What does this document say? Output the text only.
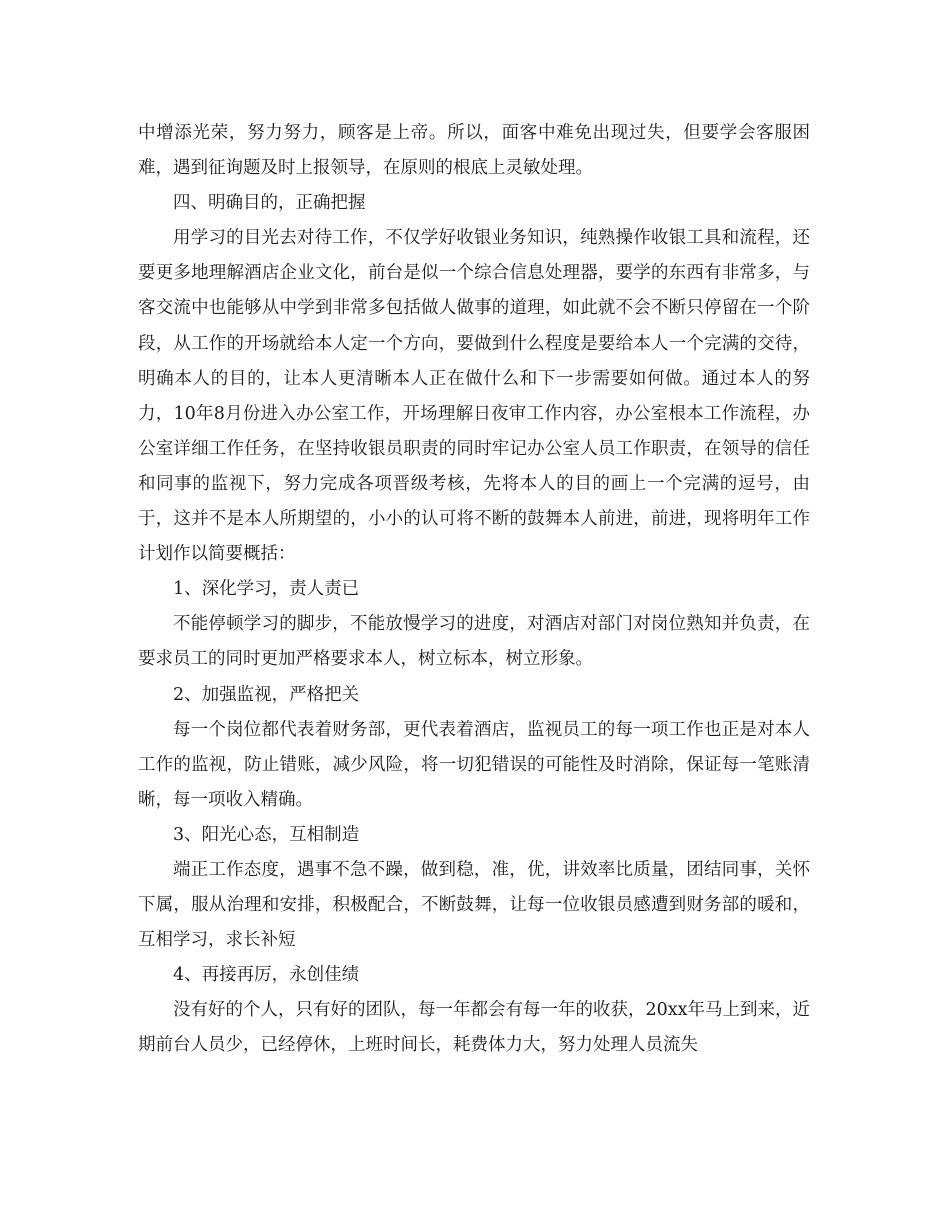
中增添光荣，努力努力，顾客是上帝。所以，面客中难免出现过失，但要学会客服困难，遇到征询题及时上报领导，在原则的根底上灵敏处理。

四、明确目的，正确把握

用学习的目光去对待工作，不仅学好收银业务知识，纯熟操作收银工具和流程，还要更多地理解酒店企业文化，前台是似一个综合信息处理器，要学的东西有非常多，与客交流中也能够从中学到非常多包括做人做事的道理，如此就不会不断只停留在一个阶段，从工作的开场就给本人定一个方向，要做到什么程度是要给本人一个完满的交待，明确本人的目的，让本人更清晰本人正在做什么和下一步需要如何做。通过本人的努力，10年8月份进入办公室工作，开场理解日夜审工作内容，办公室根本工作流程，办公室详细工作任务，在坚持收银员职责的同时牢记办公室人员工作职责，在领导的信任和同事的监视下，努力完成各项晋级考核，先将本人的目的画上一个完满的逗号，由于，这并不是本人所期望的，小小的认可将不断的鼓舞本人前进，前进，现将明年工作计划作以简要概括：

1、深化学习，责人责已

不能停顿学习的脚步，不能放慢学习的进度，对酒店对部门对岗位熟知并负责，在要求员工的同时更加严格要求本人，树立标本，树立形象。

2、加强监视，严格把关

每一个岗位都代表着财务部，更代表着酒店，监视员工的每一项工作也正是对本人工作的监视，防止错账，减少风险，将一切犯错误的可能性及时消除，保证每一笔账清晰，每一项收入精确。

3、阳光心态，互相制造

端正工作态度，遇事不急不躁，做到稳，准，优，讲效率比质量，团结同事，关怀下属，服从治理和安排，积极配合，不断鼓舞，让每一位收银员感遭到财务部的暖和，互相学习，求长补短

4、再接再厉，永创佳绩

没有好的个人，只有好的团队，每一年都会有每一年的收获，20xx年马上到来，近期前台人员少，已经停休，上班时间长，耗费体力大，努力处理人员流失
